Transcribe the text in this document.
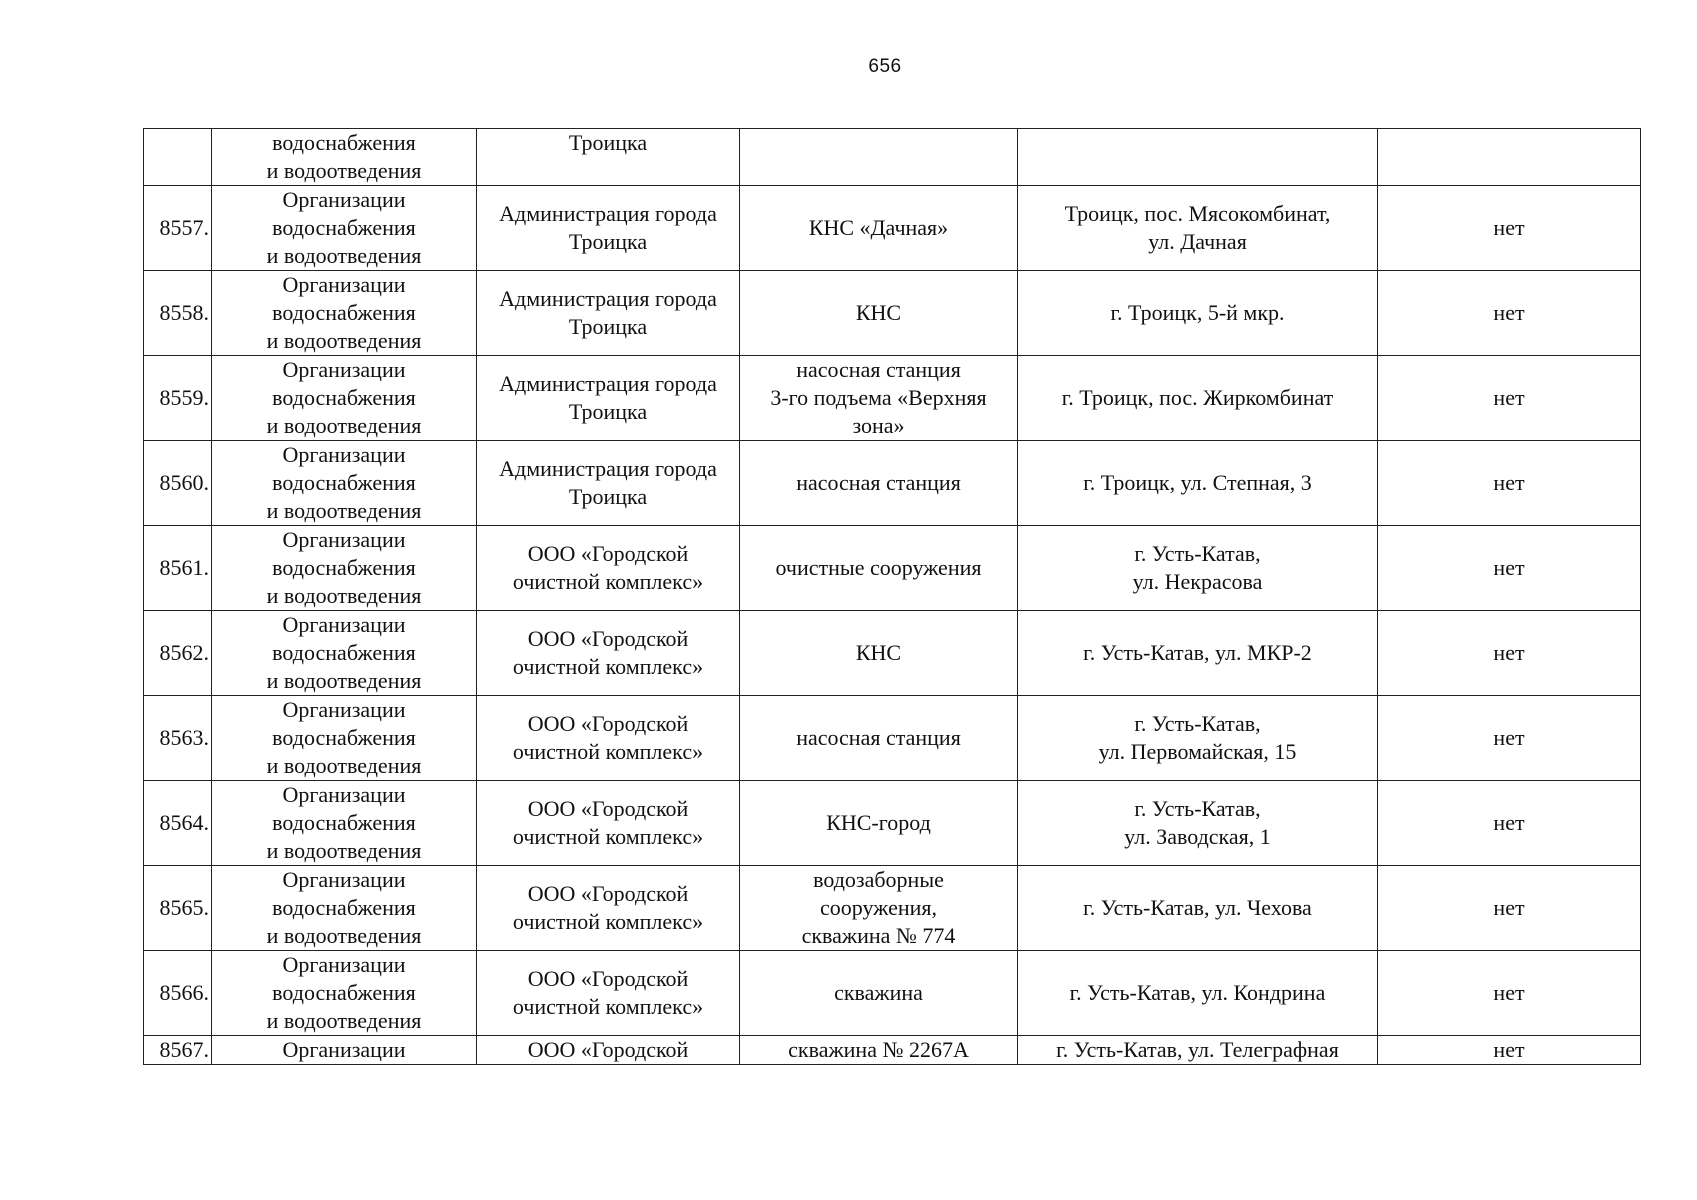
656
	водоснабжения
и водоотведения	Троицка			
8557.	Организации
водоснабжения
и водоотведения	Администрация города
Троицка	КНС «Дачная»	Троицк, пос. Мясокомбинат,
ул. Дачная	нет
8558.	Организации
водоснабжения
и водоотведения	Администрация города
Троицка	КНС	г. Троицк, 5-й мкр.	нет
8559.	Организации
водоснабжения
и водоотведения	Администрация города
Троицка	насосная станция
3-го подъема «Верхняя
зона»	г. Троицк, пос. Жиркомбинат	нет
8560.	Организации
водоснабжения
и водоотведения	Администрация города
Троицка	насосная станция	г. Троицк, ул. Степная, 3	нет
8561.	Организации
водоснабжения
и водоотведения	ООО «Городской
очистной комплекс»	очистные сооружения	г. Усть-Катав,
ул. Некрасова	нет
8562.	Организации
водоснабжения
и водоотведения	ООО «Городской
очистной комплекс»	КНС	г. Усть-Катав, ул. МКР-2	нет
8563.	Организации
водоснабжения
и водоотведения	ООО «Городской
очистной комплекс»	насосная станция	г. Усть-Катав,
ул. Первомайская, 15	нет
8564.	Организации
водоснабжения
и водоотведения	ООО «Городской
очистной комплекс»	КНС-город	г. Усть-Катав,
ул. Заводская, 1	нет
8565.	Организации
водоснабжения
и водоотведения	ООО «Городской
очистной комплекс»	водозаборные
сооружения,
скважина № 774	г. Усть-Катав, ул. Чехова	нет
8566.	Организации
водоснабжения
и водоотведения	ООО «Городской
очистной комплекс»	скважина	г. Усть-Катав, ул. Кондрина	нет
8567.	Организации	ООО «Городской	скважина № 2267А	г. Усть-Катав, ул. Телеграфная	нет
